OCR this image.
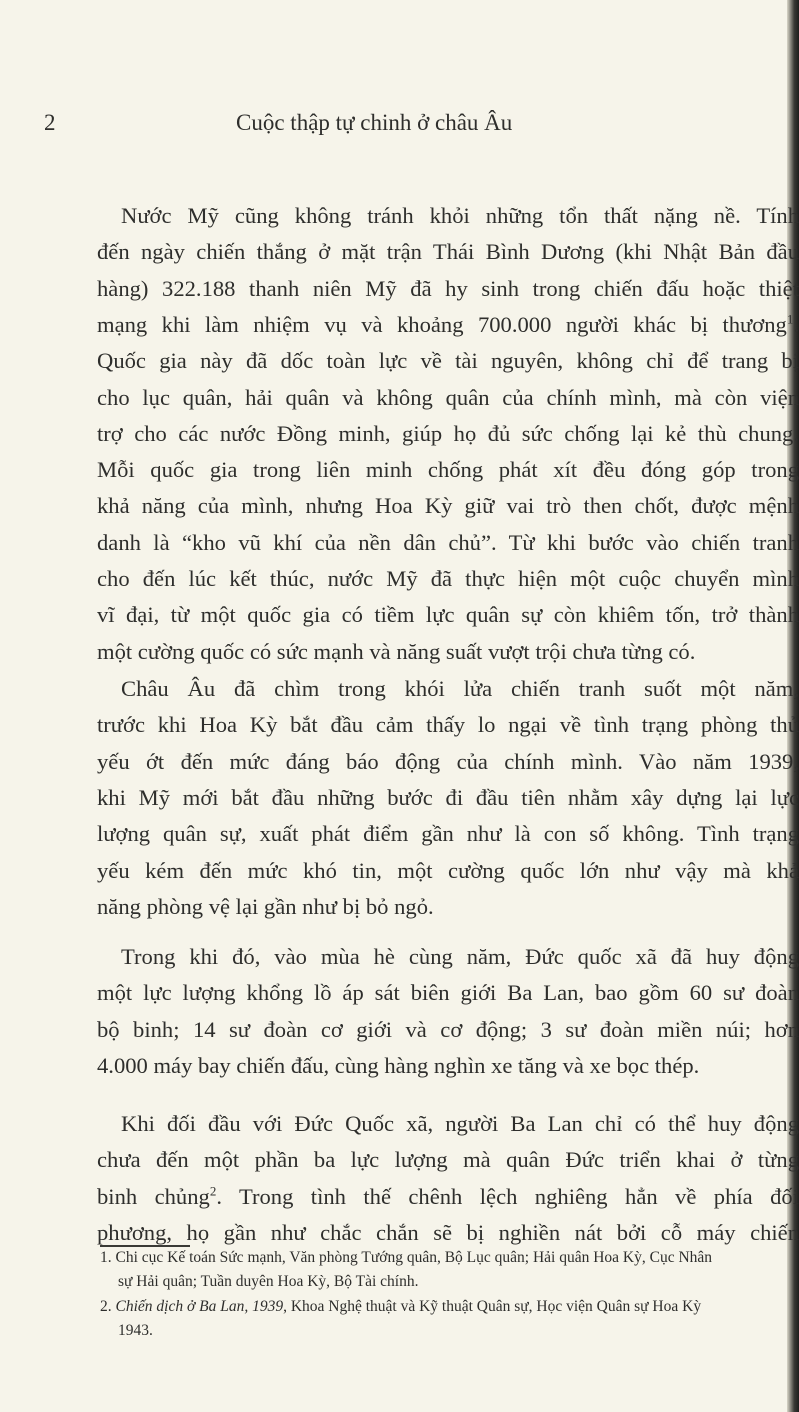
2	Cuộc thập tự chinh ở châu Âu
Nước Mỹ cũng không tránh khỏi những tổn thất nặng nề. Tính
đến ngày chiến thắng ở mặt trận Thái Bình Dương (khi Nhật Bản đầu
hàng) 322.188 thanh niên Mỹ đã hy sinh trong chiến đấu hoặc thiệt
mạng khi làm nhiệm vụ và khoảng 700.000 người khác bị thương$^1$.
Quốc gia này đã dốc toàn lực về tài nguyên, không chỉ để trang bị
cho lục quân, hải quân và không quân của chính mình, mà còn viện
trợ cho các nước Đồng minh, giúp họ đủ sức chống lại kẻ thù chung.
Mỗi quốc gia trong liên minh chống phát xít đều đóng góp trong
khả năng của mình, nhưng Hoa Kỳ giữ vai trò then chốt, được mệnh
danh là “kho vũ khí của nền dân chủ”. Từ khi bước vào chiến tranh
cho đến lúc kết thúc, nước Mỹ đã thực hiện một cuộc chuyển mình
vĩ đại, từ một quốc gia có tiềm lực quân sự còn khiêm tốn, trở thành
một cường quốc có sức mạnh và năng suất vượt trội chưa từng có.
Châu Âu đã chìm trong khói lửa chiến tranh suốt một năm,
trước khi Hoa Kỳ bắt đầu cảm thấy lo ngại về tình trạng phòng thủ
yếu ớt đến mức đáng báo động của chính mình. Vào năm 1939,
khi Mỹ mới bắt đầu những bước đi đầu tiên nhằm xây dựng lại lực
lượng quân sự, xuất phát điểm gần như là con số không. Tình trạng
yếu kém đến mức khó tin, một cường quốc lớn như vậy mà khả
năng phòng vệ lại gần như bị bỏ ngỏ.
Trong khi đó, vào mùa hè cùng năm, Đức quốc xã đã huy động
một lực lượng khổng lồ áp sát biên giới Ba Lan, bao gồm 60 sư đoàn
bộ binh; 14 sư đoàn cơ giới và cơ động; 3 sư đoàn miền núi; hơn
4.000 máy bay chiến đấu, cùng hàng nghìn xe tăng và xe bọc thép.
Khi đối đầu với Đức Quốc xã, người Ba Lan chỉ có thể huy động
chưa đến một phần ba lực lượng mà quân Đức triển khai ở từng
binh chủng$^2$. Trong tình thế chênh lệch nghiêng hẳn về phía đối
phương, họ gần như chắc chắn sẽ bị nghiền nát bởi cỗ máy chiến
1. Chi cục Kế toán Sức mạnh, Văn phòng Tướng quân, Bộ Lục quân; Hải quân Hoa Kỳ, Cục Nhân
sự Hải quân; Tuần duyên Hoa Kỳ, Bộ Tài chính.
2. Chiến dịch ở Ba Lan, 1939, Khoa Nghệ thuật và Kỹ thuật Quân sự, Học viện Quân sự Hoa Kỳ
1943.
